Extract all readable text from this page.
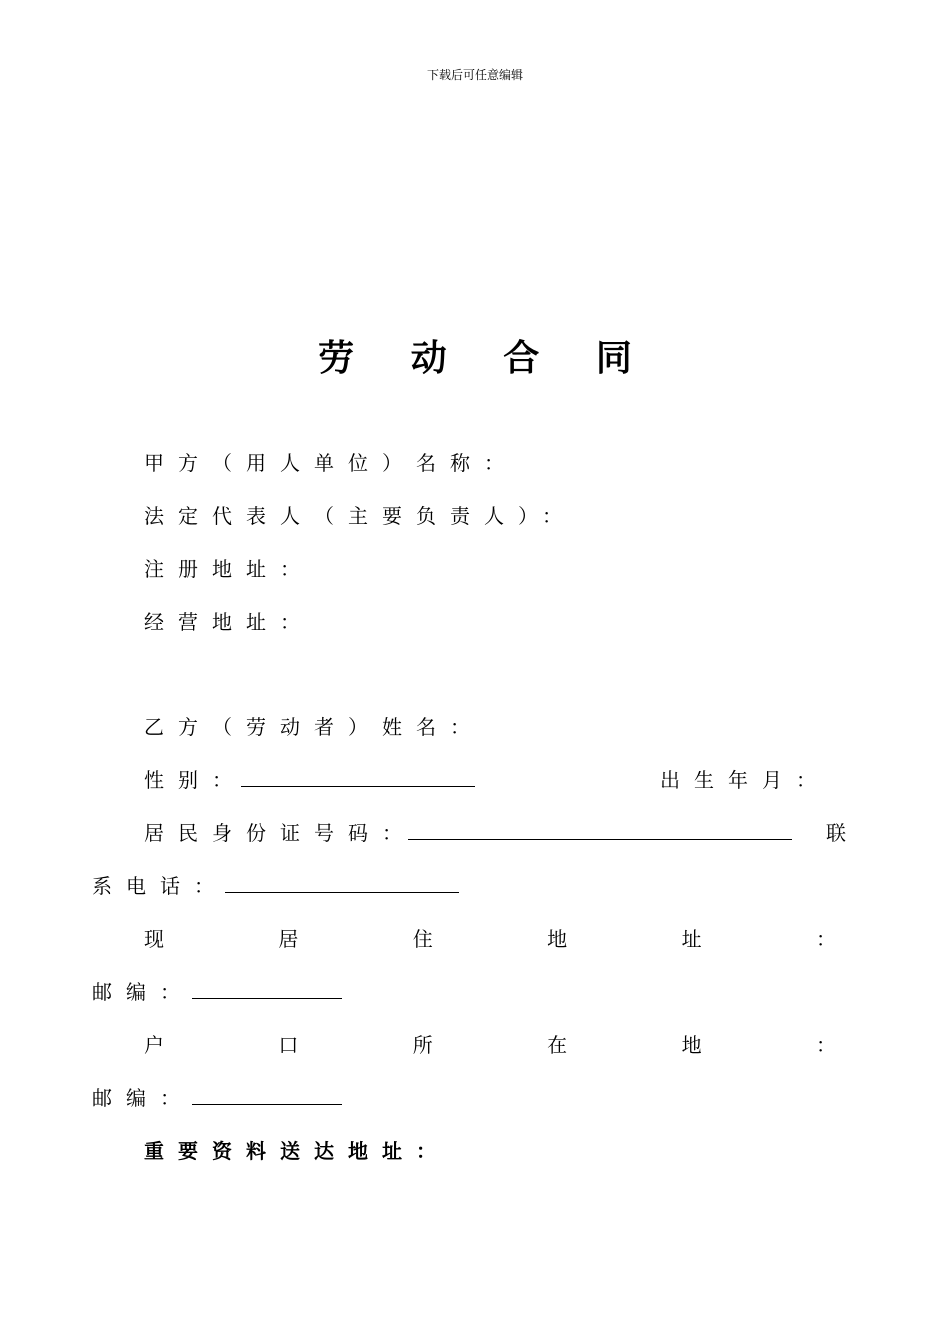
下载后可任意编辑
劳 动 合 同
甲方（用人单位）名称：
法定代表人（主要负责人）：
注册地址：
经营地址：
乙方（劳动者）姓名：
性别：	出生年月：
居民身份证号码：	联
系电话：
现	居	住	地	址	：
邮编：
户	口	所	在	地	：
邮编：
重要资料送达地址：
